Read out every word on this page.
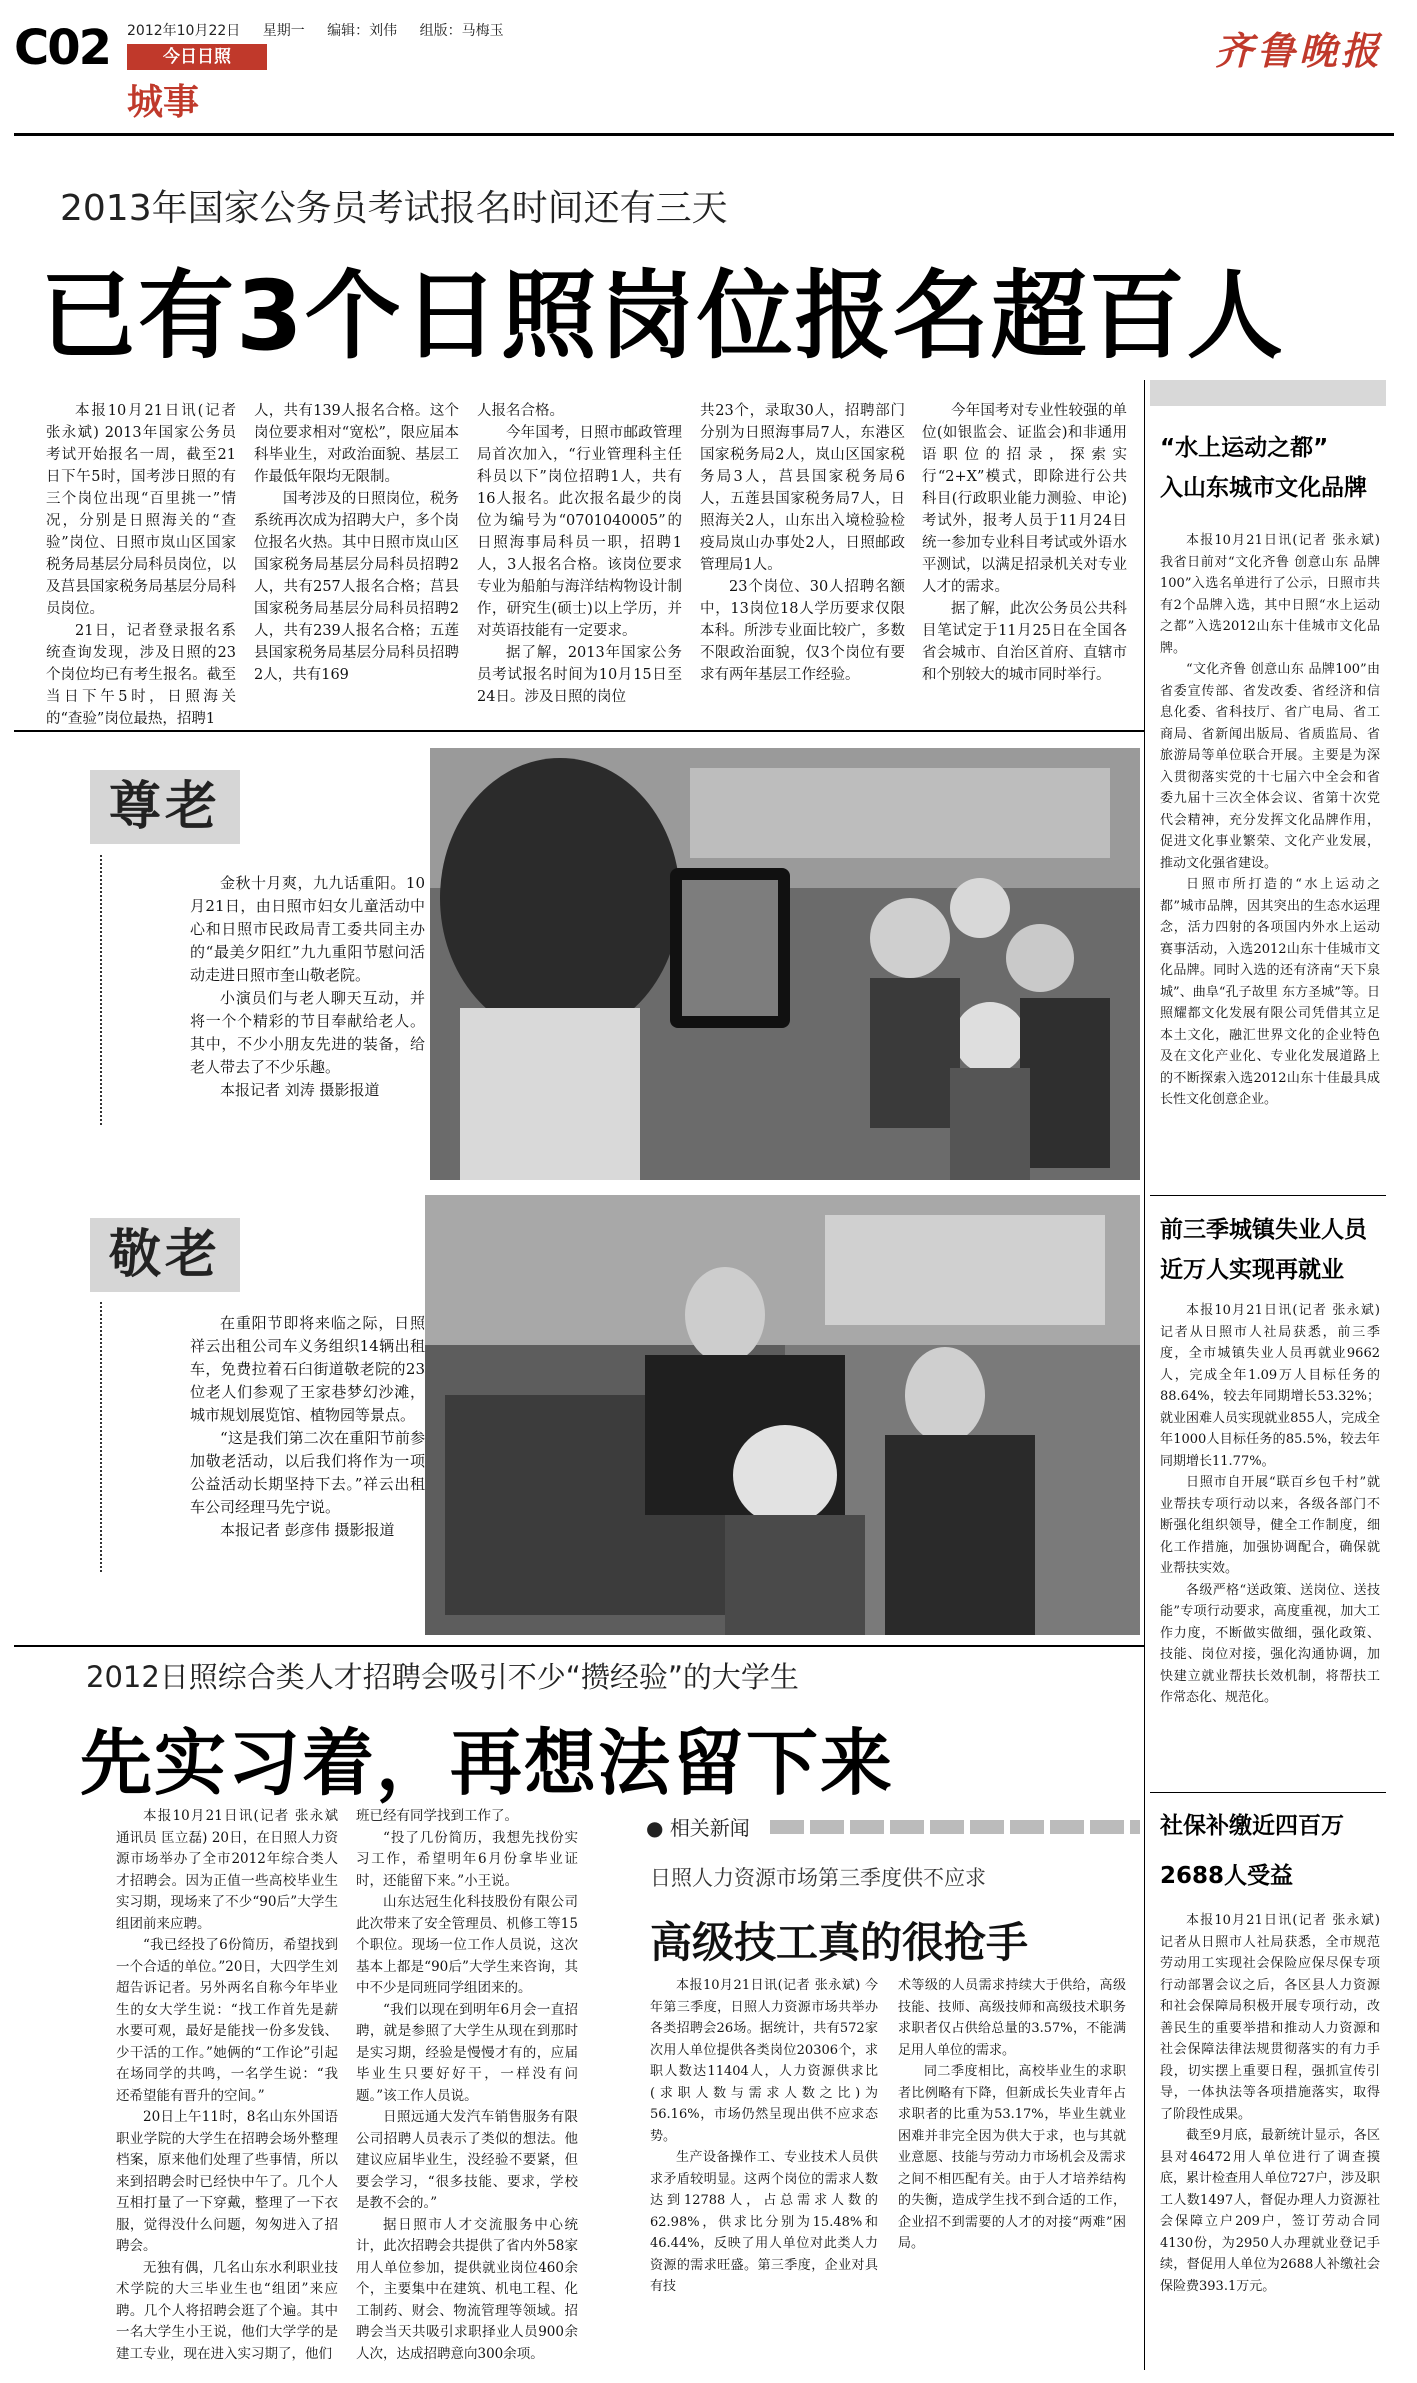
C02 2012年10月22日 星期一 编辑：刘伟 组版：马梅玉
今日日照
城事
齐鲁晚报
2013年国家公务员考试报名时间还有三天
已有3个日照岗位报名超百人

本报10月21日讯(记者 张永斌) 2013年国家公务员考试开始报名一周，截至21日下午5时，国考涉日照的有三个岗位出现“百里挑一”情况，分别是日照海关的“查验”岗位、日照市岚山区国家税务局基层分局科员岗位，以及莒县国家税务局基层分局科员岗位。

21日，记者登录报名系统查询发现，涉及日照的23个岗位均已有考生报名。截至当日下午5时，日照海关的“查验”岗位最热，招聘1

人，共有139人报名合格。这个岗位要求相对“宽松”，限应届本科毕业生，对政治面貌、基层工作最低年限均无限制。

国考涉及的日照岗位，税务系统再次成为招聘大户，多个岗位报名火热。其中日照市岚山区国家税务局基层分局科员招聘2人，共有257人报名合格；莒县国家税务局基层分局科员招聘2人，共有239人报名合格；五莲县国家税务局基层分局科员招聘2人，共有169

人报名合格。

今年国考，日照市邮政管理局首次加入，“行业管理科主任科员以下”岗位招聘1人，共有16人报名。此次报名最少的岗位为编号为“0701040005”的日照海事局科员一职，招聘1人，3人报名合格。该岗位要求专业为船舶与海洋结构物设计制作，研究生(硕士)以上学历，并对英语技能有一定要求。

据了解，2013年国家公务员考试报名时间为10月15日至24日。涉及日照的岗位

共23个，录取30人，招聘部门分别为日照海事局7人，东港区国家税务局2人，岚山区国家税务局3人，莒县国家税务局6人，五莲县国家税务局7人，日照海关2人，山东出入境检验检疫局岚山办事处2人，日照邮政管理局1人。

23个岗位、30人招聘名额中，13岗位18人学历要求仅限本科。所涉专业面比较广，多数不限政治面貌，仅3个岗位有要求有两年基层工作经验。

今年国考对专业性较强的单位(如银监会、证监会)和非通用语职位的招录，探索实行“2+X”模式，即除进行公共科目(行政职业能力测验、申论)考试外，报考人员于11月24日统一参加专业科目考试或外语水平测试，以满足招录机关对专业人才的需求。

据了解，此次公务员公共科目笔试定于11月25日在全国各省会城市、自治区首府、直辖市和个别较大的城市同时举行。

“水上运动之都”
入山东城市文化品牌

本报10月21日讯(记者 张永斌) 我省日前对“文化齐鲁 创意山东 品牌100”入选名单进行了公示，日照市共有2个品牌入选，其中日照“水上运动之都”入选2012山东十佳城市文化品牌。

“文化齐鲁 创意山东 品牌100”由省委宣传部、省发改委、省经济和信息化委、省科技厅、省广电局、省工商局、省新闻出版局、省质监局、省旅游局等单位联合开展。主要是为深入贯彻落实党的十七届六中全会和省委九届十三次全体会议、省第十次党代会精神，充分发挥文化品牌作用，促进文化事业繁荣、文化产业发展，推动文化强省建设。

日照市所打造的“水上运动之都”城市品牌，因其突出的生态水运理念，活力四射的各项国内外水上运动赛事活动，入选2012山东十佳城市文化品牌。同时入选的还有济南“天下泉城”、曲阜“孔子故里 东方圣城”等。日照耀都文化发展有限公司凭借其立足本土文化，融汇世界文化的企业特色及在文化产业化、专业化发展道路上的不断探索入选2012山东十佳最具成长性文化创意企业。

前三季城镇失业人员
近万人实现再就业

本报10月21日讯(记者 张永斌) 记者从日照市人社局获悉，前三季度，全市城镇失业人员再就业9662人，完成全年1.09万人目标任务的88.64%，较去年同期增长53.32%；就业困难人员实现就业855人，完成全年1000人目标任务的85.5%，较去年同期增长11.77%。

日照市自开展“联百乡包千村”就业帮扶专项行动以来，各级各部门不断强化组织领导，健全工作制度，细化工作措施，加强协调配合，确保就业帮扶实效。

各级严格“送政策、送岗位、送技能”专项行动要求，高度重视，加大工作力度，不断做实做细，强化政策、技能、岗位对接，强化沟通协调，加快建立就业帮扶长效机制，将帮扶工作常态化、规范化。

社保补缴近四百万
2688人受益

本报10月21日讯(记者 张永斌) 记者从日照市人社局获悉，全市规范劳动用工实现社会保险应保尽保专项行动部署会议之后，各区县人力资源和社会保障局积极开展专项行动，改善民生的重要举措和推动人力资源和社会保障法律法规贯彻落实的有力手段，切实摆上重要日程，强抓宣传引导，一体执法等各项措施落实，取得了阶段性成果。

截至9月底，最新统计显示，各区县对46472用人单位进行了调查摸底，累计检查用人单位727户，涉及职工人数1497人，督促办理人力资源社会保障立户209户，签订劳动合同4130份，为2950人办理就业登记手续，督促用人单位为2688人补缴社会保险费393.1万元。

尊老

金秋十月爽，九九话重阳。10月21日，由日照市妇女儿童活动中心和日照市民政局青工委共同主办的“最美夕阳红”九九重阳节慰问活动走进日照市奎山敬老院。

小演员们与老人聊天互动，并将一个个精彩的节目奉献给老人。其中，不少小朋友先进的装备，给老人带去了不少乐趣。

本报记者 刘涛 摄影报道

敬老

在重阳节即将来临之际，日照祥云出租公司车义务组织14辆出租车，免费拉着石臼街道敬老院的23位老人们参观了王家巷梦幻沙滩，城市规划展览馆、植物园等景点。

“这是我们第二次在重阳节前参加敬老活动，以后我们将作为一项公益活动长期坚持下去。”祥云出租车公司经理马先宁说。

本报记者 彭彦伟 摄影报道

2012日照综合类人才招聘会吸引不少“攒经验”的大学生
先实习着，再想法留下来

本报10月21日讯(记者 张永斌 通讯员 匡立磊) 20日，在日照人力资源市场举办了全市2012年综合类人才招聘会。因为正值一些高校毕业生实习期，现场来了不少“90后”大学生组团前来应聘。

“我已经投了6份简历，希望找到一个合适的单位。”20日，大四学生刘超告诉记者。另外两名自称今年毕业生的女大学生说：“找工作首先是薪水要可观，最好是能找一份多发钱、少干活的工作。”她俩的“工作论”引起在场同学的共鸣，一名学生说：“我还希望能有晋升的空间。”

20日上午11时，8名山东外国语职业学院的大学生在招聘会场外整理档案，原来他们处理了些事情，所以来到招聘会时已经快中午了。几个人互相打量了一下穿戴，整理了一下衣服，觉得没什么问题，匆匆进入了招聘会。

无独有偶，几名山东水利职业技术学院的大三毕业生也“组团”来应聘。几个人将招聘会逛了个遍。其中一名大学生小王说，他们大学学的是建工专业，现在进入实习期了，他们

班已经有同学找到工作了。

“投了几份简历，我想先找份实习工作，希望明年6月份拿毕业证时，还能留下来。”小王说。

山东达冠生化科技股份有限公司此次带来了安全管理员、机修工等15个职位。现场一位工作人员说，这次基本上都是“90后”大学生来咨询，其中不少是同班同学组团来的。

“我们以现在到明年6月会一直招聘，就是参照了大学生从现在到那时是实习期，经验是慢慢才有的，应届毕业生只要好好干，一样没有问题。”该工作人员说。

日照远通大发汽车销售服务有限公司招聘人员表示了类似的想法。他建议应届毕业生，没经验不要紧，但要会学习，“很多技能、要求，学校是教不会的。”

据日照市人才交流服务中心统计，此次招聘会共提供了省内外58家用人单位参加，提供就业岗位460余个，主要集中在建筑、机电工程、化工制药、财会、物流管理等领域。招聘会当天共吸引求职择业人员900余人次，达成招聘意向300余项。

● 相关新闻
日照人力资源市场第三季度供不应求
高级技工真的很抢手

本报10月21日讯(记者 张永斌) 今年第三季度，日照人力资源市场共举办各类招聘会26场。据统计，共有572家次用人单位提供各类岗位20306个，求职人数达11404人，人力资源供求比(求职人数与需求人数之比)为56.16%，市场仍然呈现出供不应求态势。

生产设备操作工、专业技术人员供求矛盾较明显。这两个岗位的需求人数达到12788人，占总需求人数的62.98%，供求比分别为15.48%和46.44%，反映了用人单位对此类人力资源的需求旺盛。第三季度，企业对具有技

术等级的人员需求持续大于供给，高级技能、技师、高级技师和高级技术职务求职者仅占供给总量的3.57%，不能满足用人单位的需求。

同二季度相比，高校毕业生的求职者比例略有下降，但新成长失业青年占求职者的比重为53.17%，毕业生就业困难并非完全因为供大于求，也与其就业意愿、技能与劳动力市场机会及需求之间不相匹配有关。由于人才培养结构的失衡，造成学生找不到合适的工作，企业招不到需要的人才的对接“两难”困局。
